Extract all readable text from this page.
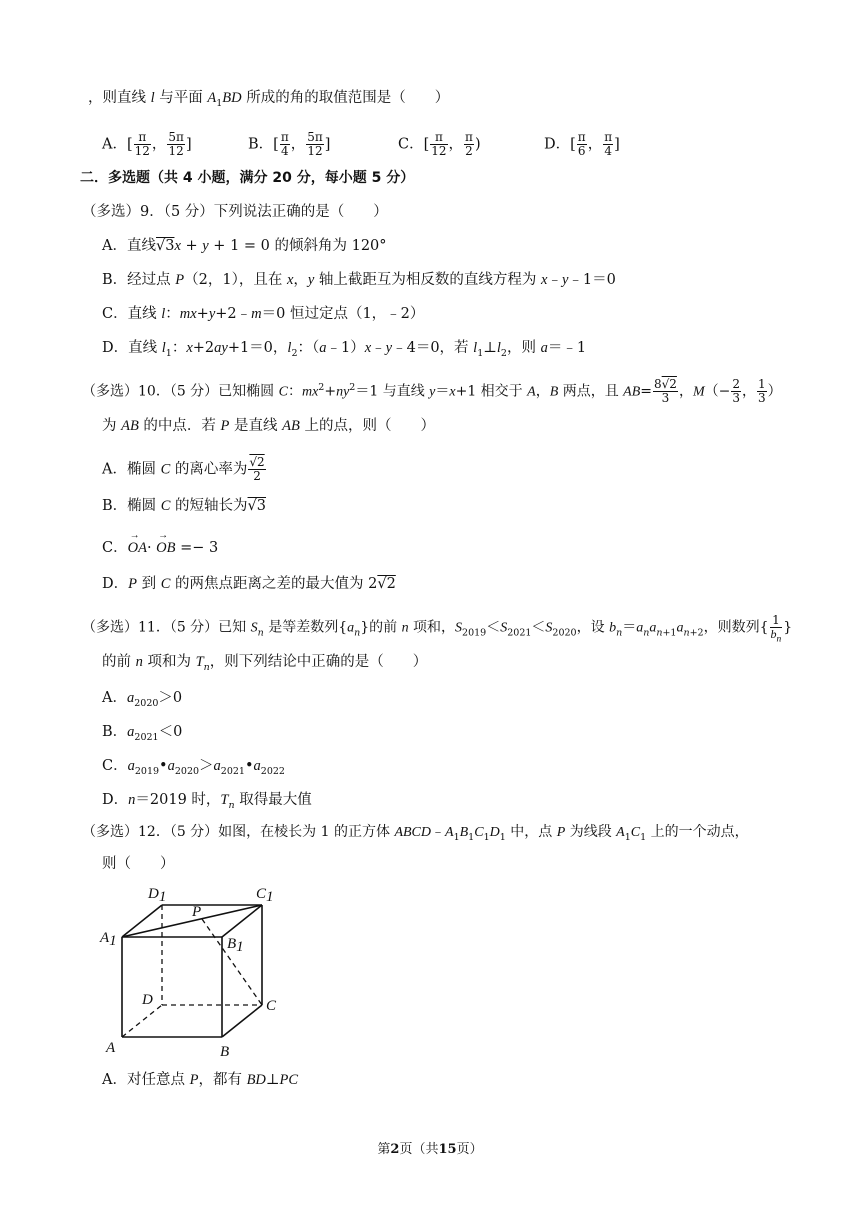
，则直线 l 与平面 $A_1BD$ 所成的角的取值范围是（　　）
A．[ $\frac{\pi}{12}$ ， $\frac{5\pi}{12}$ ]	B．[ $\frac{\pi}{4}$ ， $\frac{5\pi}{12}$ ]	C．[ $\frac{\pi}{12}$ ， $\frac{\pi}{2}$ )	D．[ $\frac{\pi}{6}$ ， $\frac{\pi}{4}$ ]
二．多选题（共 4 小题，满分 20 分，每小题 5 分）
（多选）9．（5 分）下列说法正确的是（　　）
A．直线√3x + y + 1 = 0 的倾斜角为 120°
B．经过点 P（2，1），且在 x，y 轴上截距互为相反数的直线方程为 x﹣y﹣1＝0
C．直线 l：mx+y+2﹣m＝0 恒过定点（1，﹣2）
D．直线 $l_1$：x+2ay+1＝0，$l_2$：（a﹣1）x﹣y﹣4＝0，若 $l_1\perp l_2$，则 a＝﹣1
（多选）10．（5 分）已知椭圆 C：$mx^2+ny^2=1$ 与直线 y＝x+1 相交于 A，B 两点，且 $AB= \frac{8√2}{3}$ ，$M(- \frac{2}{3}$ ， $\frac{1}{3}$ ）
为 AB 的中点．若 P 是直线 AB 上的点，则（　　）
A．椭圆 C 的离心率为 $\frac{√2}{2}$
B．椭圆 C 的短轴长为√3
C．→ OA· → OB =− 3
D．P 到 C 的两焦点距离之差的最大值为 2√2
（多选）11．（5 分）已知 $S_n$ 是等差数列$\{a_n\}$的前 n 项和，$S_{2019}<S_{2021}<S_{2020}$，设 $b_n=a_na_{n+1}a_{n+2}$，则数列{ $\frac{1}{b_n}$ }
的前 n 项和为 $T_n$，则下列结论中正确的是（　　）
A．$a_{2020}>0$
B．$a_{2021}<0$
C．$a_{2019}•a_{2020}>a_{2021}•a_{2022}$
D．n＝2019 时，$T_n$ 取得最大值
（多选）12．（5 分）如图，在棱长为 1 的正方体 $ABCD﹣A_1B_1C_1D_1$ 中，点 P 为线段 $A_1C_1$ 上的一个动点，
则（　　）
D1	C1
P
A1	B1
D	C
A	B
A．对任意点 P，都有 BD⊥PC
第2页（共15页）
